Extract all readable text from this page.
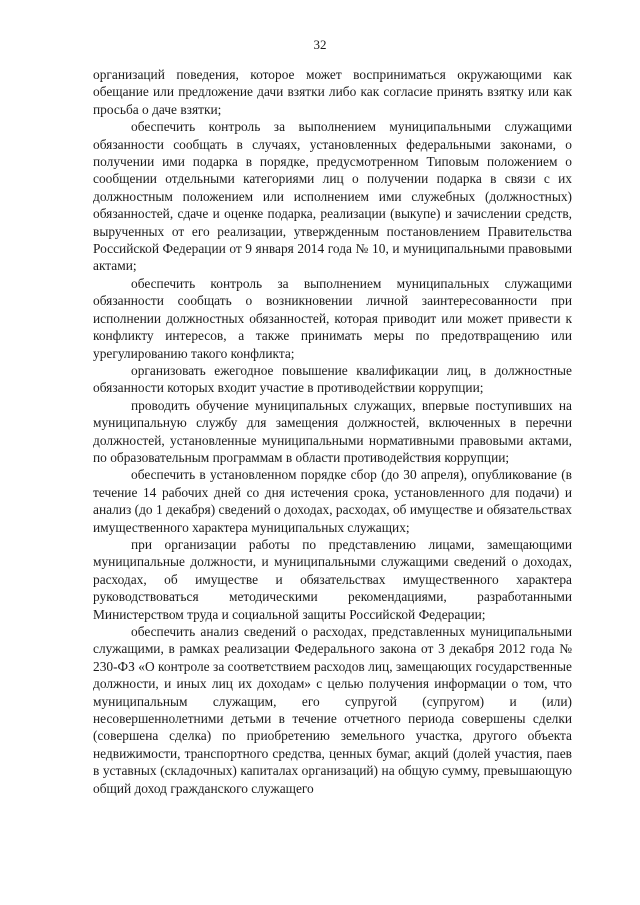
32

организаций поведения, которое может восприниматься окружающими как обещание или предложение дачи взятки либо как согласие принять взятку или как просьба о даче взятки;

обеспечить контроль за выполнением муниципальными служащими обязанности сообщать в случаях, установленных федеральными законами, о получении ими подарка в порядке, предусмотренном Типовым положением о сообщении отдельными категориями лиц о получении подарка в связи с их должностным положением или исполнением ими служебных (должностных) обязанностей, сдаче и оценке подарка, реализации (выкупе) и зачислении средств, вырученных от его реализации, утвержденным постановлением Правительства Российской Федерации от 9 января 2014 года № 10, и муниципальными правовыми актами;

обеспечить контроль за выполнением муниципальных служащими обязанности сообщать о возникновении личной заинтересованности при исполнении должностных обязанностей, которая приводит или может привести к конфликту интересов, а также принимать меры по предотвращению или урегулированию такого конфликта;

организовать ежегодное повышение квалификации лиц, в должностные обязанности которых входит участие в противодействии коррупции;

проводить обучение муниципальных служащих, впервые поступивших на муниципальную службу для замещения должностей, включенных в перечни должностей, установленные муниципальными нормативными правовыми актами, по образовательным программам в области противодействия коррупции;

обеспечить в установленном порядке сбор (до 30 апреля), опубликование (в течение 14 рабочих дней со дня истечения срока, установленного для подачи) и анализ (до 1 декабря) сведений о доходах, расходах, об имуществе и обязательствах имущественного характера муниципальных служащих;

при организации работы по представлению лицами, замещающими муниципальные должности, и муниципальными служащими сведений о доходах, расходах, об имуществе и обязательствах имущественного характера руководствоваться методическими рекомендациями, разработанными Министерством труда и социальной защиты Российской Федерации;

обеспечить анализ сведений о расходах, представленных муниципальными служащими, в рамках реализации Федерального закона от 3 декабря 2012 года № 230-ФЗ «О контроле за соответствием расходов лиц, замещающих государственные должности, и иных лиц их доходам» с целью получения информации о том, что муниципальным служащим, его супругой (супругом) и (или) несовершеннолетними детьми в течение отчетного периода совершены сделки (совершена сделка) по приобретению земельного участка, другого объекта недвижимости, транспортного средства, ценных бумаг, акций (долей участия, паев в уставных (складочных) капиталах организаций) на общую сумму, превышающую общий доход гражданского служащего
